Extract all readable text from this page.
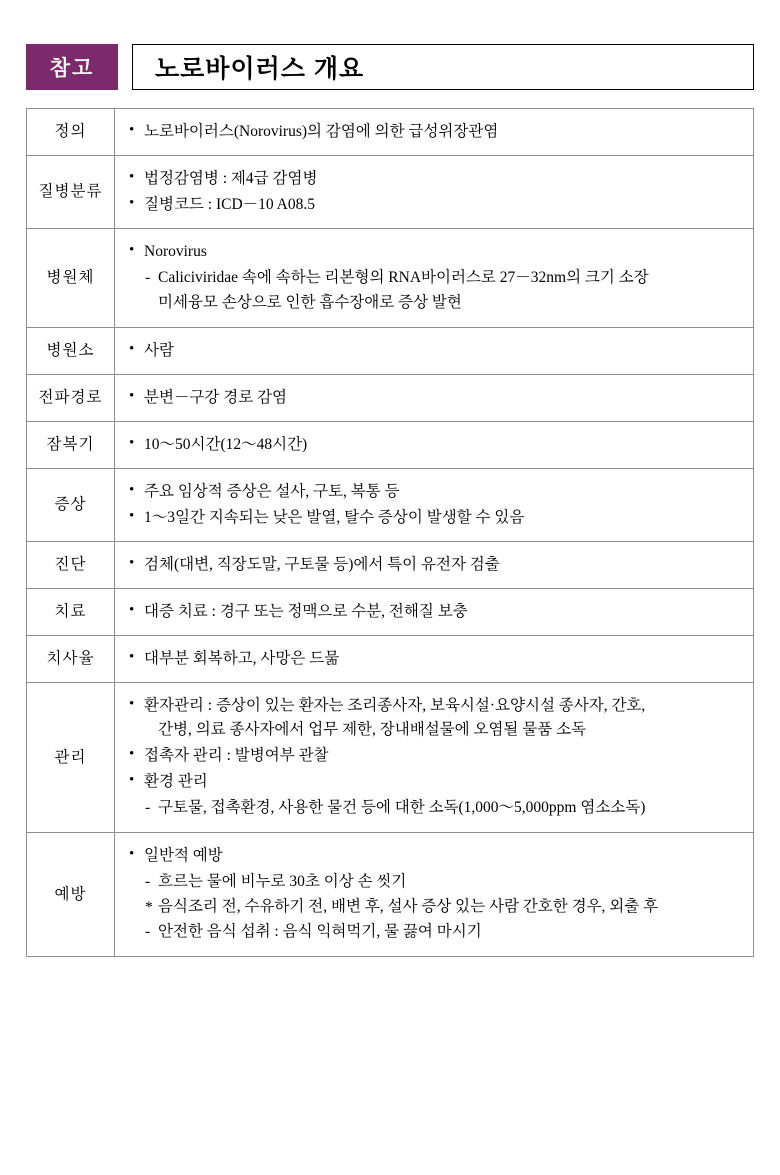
참고	노로바이러스 개요
정의	
•노로바이러스(Norovirus)의 감염에 의한 급성위장관염

질병분류	
• 법정감염병 : 제4급 감염병
• 질병코드 : ICD－10 A08.5

병원체	
• Norovirus
- Caliciviridae 속에 속하는 리본형의 RNA바이러스로 27－32nm의 크기 소장
미세융모 손상으로 인한 흡수장애로 증상 발현

병원소	
•사람

전파경로	
•분변－구강 경로 감염

잠복기	
•10～50시간(12～48시간)

증상	
• 주요 임상적 증상은 설사, 구토, 복통 등
• 1～3일간 지속되는 낮은 발열, 탈수 증상이 발생할 수 있음

진단	
•검체(대변, 직장도말, 구토물 등)에서 특이 유전자 검출

치료	
•대증 치료 : 경구 또는 정맥으로 수분, 전해질 보충

치사율	
•대부분 회복하고, 사망은 드묾

관리	
• 환자관리 : 증상이 있는 환자는 조리종사자, 보육시설·요양시설 종사자, 간호,
간병, 의료 종사자에서 업무 제한, 장내배설물에 오염될 물품 소독
• 접촉자 관리 : 발병여부 관찰
• 환경 관리
- 구토물, 접촉환경, 사용한 물건 등에 대한 소독(1,000～5,000ppm 염소소독)

예방	
• 일반적 예방
- 흐르는 물에 비누로 30초 이상 손 씻기
* 음식조리 전, 수유하기 전, 배변 후, 설사 증상 있는 사람 간호한 경우, 외출 후
- 안전한 음식 섭취 : 음식 익혀먹기, 물 끓여 마시기
